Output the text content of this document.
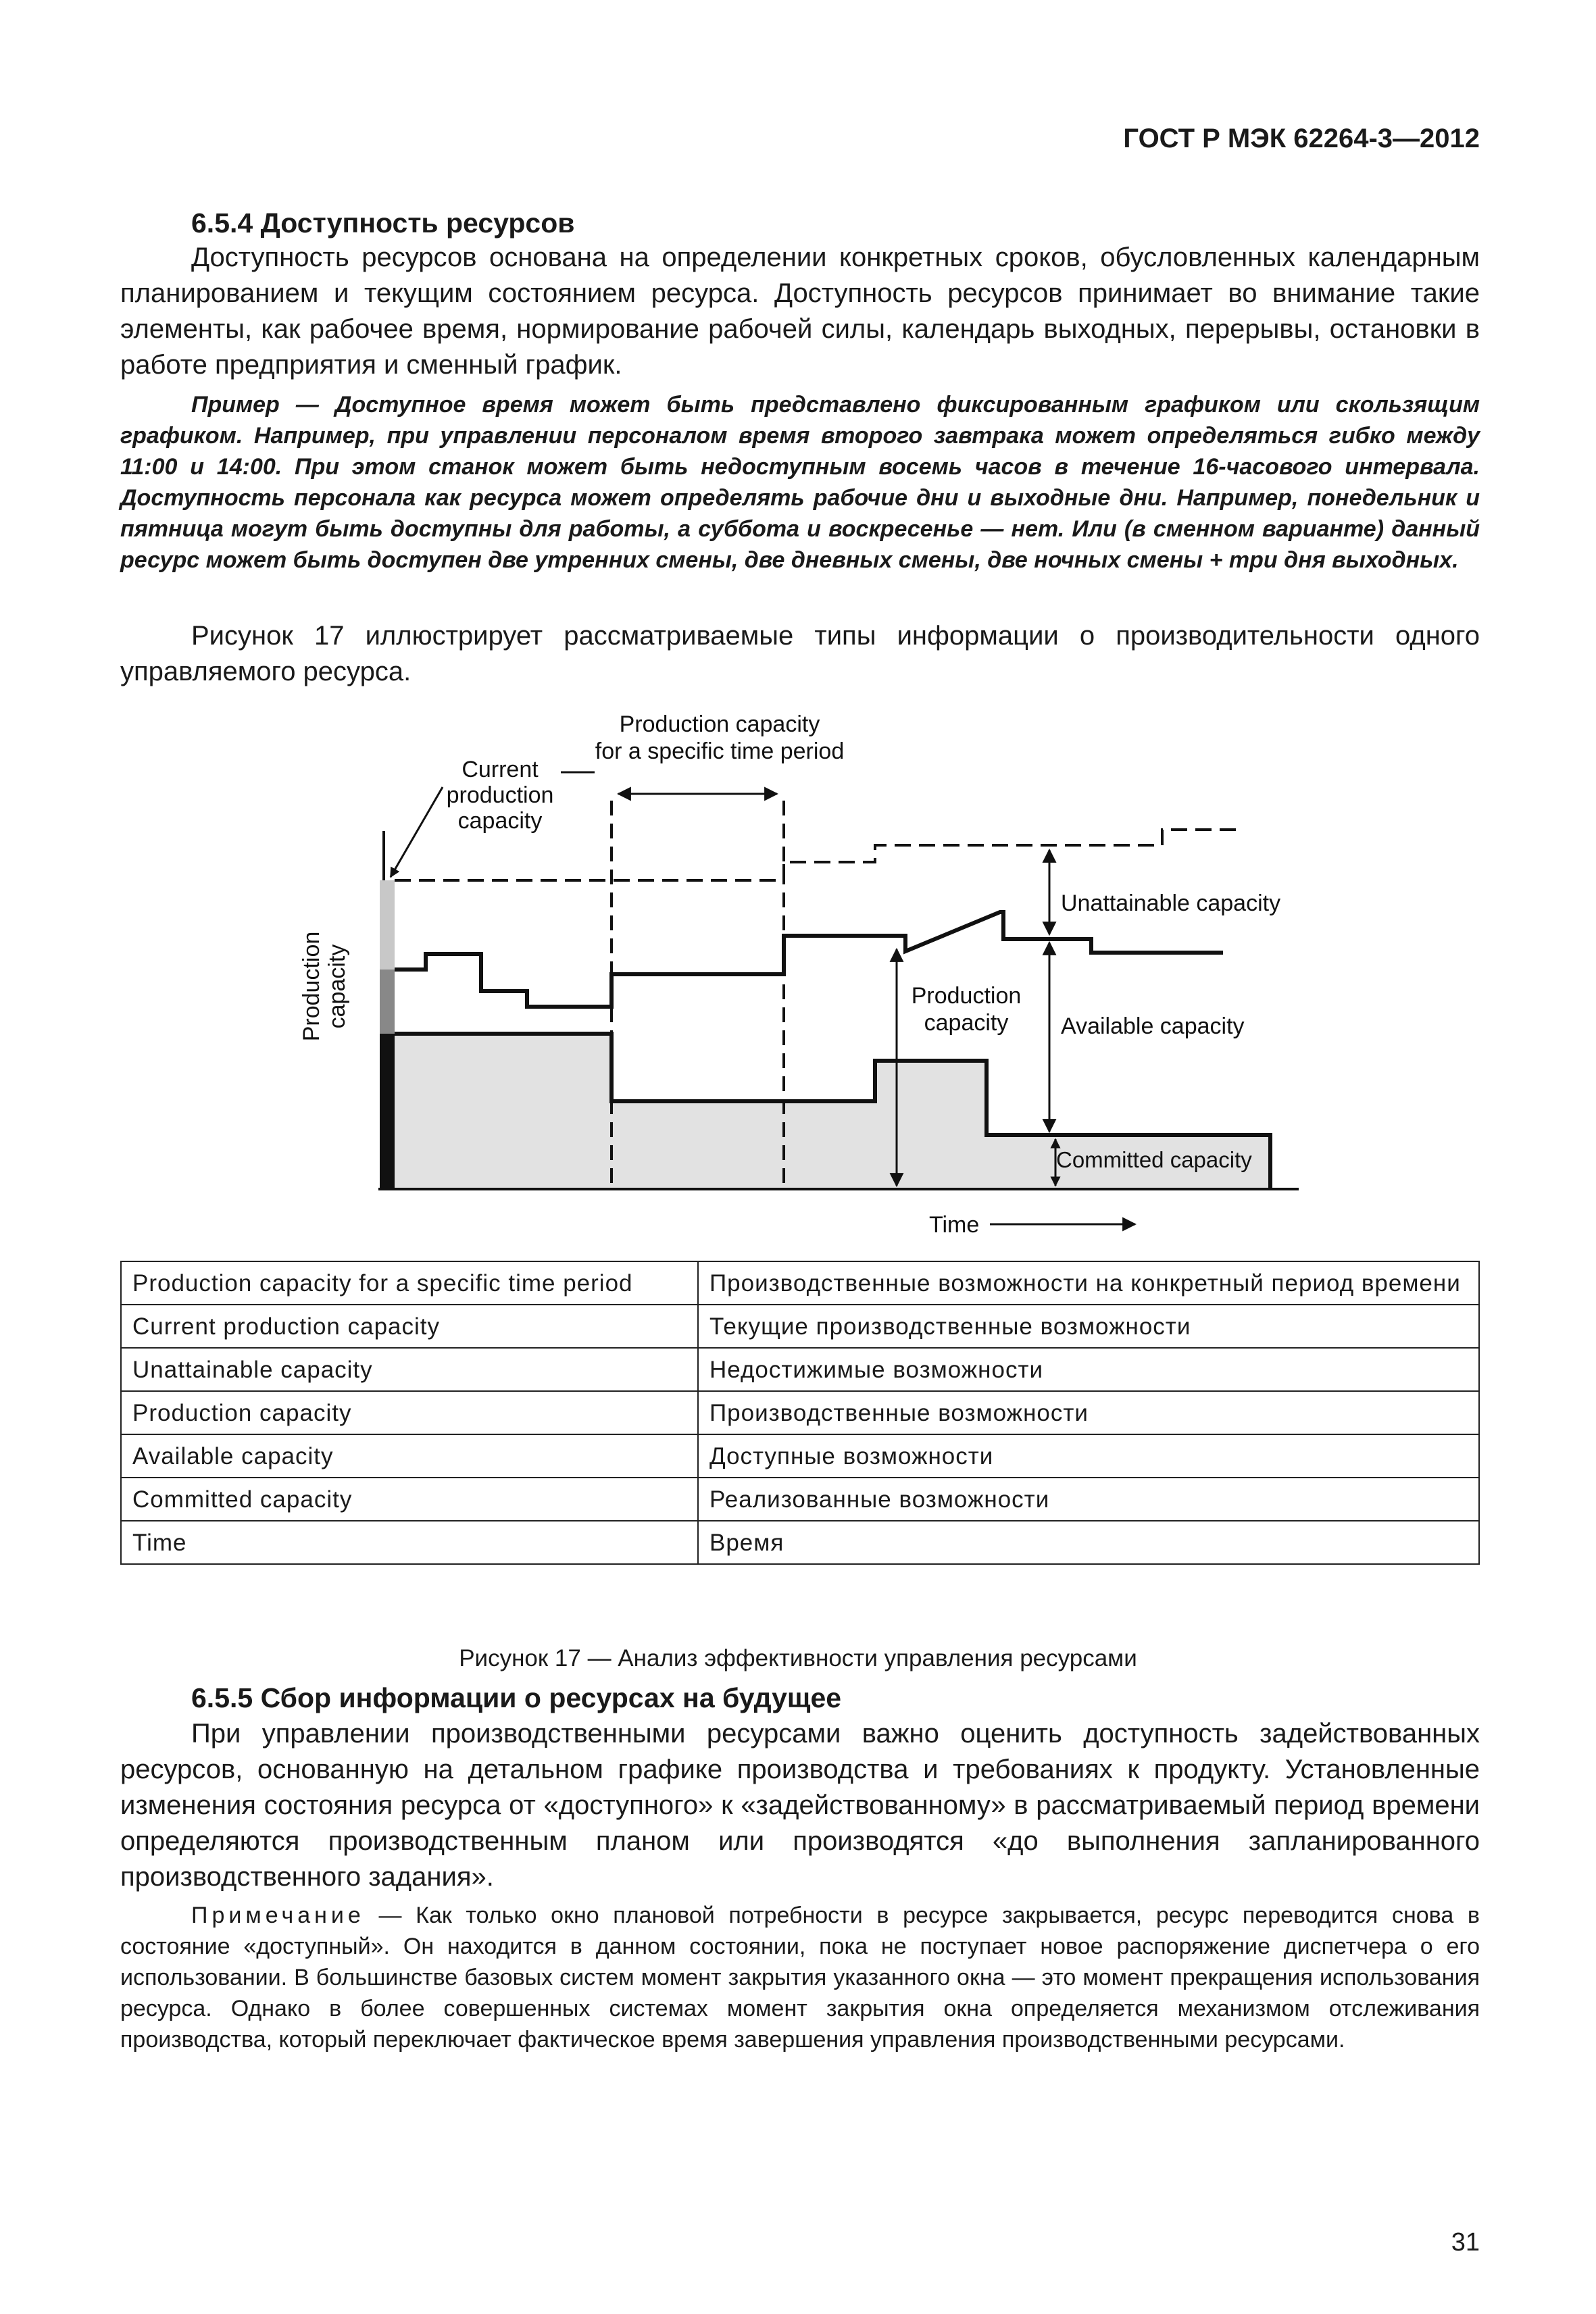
ГОСТ Р МЭК 62264-3—2012
6.5.4 Доступность ресурсов
Доступность ресурсов основана на определении конкретных сроков, обусловленных календарным планированием и текущим состоянием ресурса. Доступность ресурсов принимает во внимание такие элементы, как рабочее время, нормирование рабочей силы, календарь выходных, перерывы, остановки в работе предприятия и сменный график.
Пример — Доступное время может быть представлено фиксированным графиком или скользящим графиком. Например, при управлении персоналом время второго завтрака может определяться гибко между 11:00 и 14:00. При этом станок может быть недоступным восемь часов в течение 16-часового интервала. Доступность персонала как ресурса может определять рабочие дни и выходные дни. Например, понедельник и пятница могут быть доступны для работы, а суббота и воскресенье — нет. Или (в сменном варианте) данный ресурс может быть доступен две утренних смены, две дневных смены, две ночных смены + три дня выходных.
Рисунок 17 иллюстрирует рассматриваемые типы информации о производительности одного управляемого ресурса.
Production capacity
for a specific time period
Current
production
capacity
Production capacity
Unattainable capacity
Production
capacity Available capacity
Committed capacity
Time
Production capacity for a specific time period	Производственные возможности на конкретный период времени
Current production capacity	Текущие производственные возможности
Unattainable capacity	Недостижимые возможности
Production capacity	Производственные возможности
Available capacity	Доступные возможности
Committed capacity	Реализованные возможности
Time	Время
Рисунок 17 — Анализ эффективности управления ресурсами
6.5.5 Сбор информации о ресурсах на будущее
При управлении производственными ресурсами важно оценить доступность задействованных ресурсов, основанную на детальном графике производства и требованиях к продукту. Установленные изменения состояния ресурса от «доступного» к «задействованному» в рассматриваемый период времени определяются производственным планом или производятся «до выполнения запланированного производственного задания».
Примечание — Как только окно плановой потребности в ресурсе закрывается, ресурс переводится снова в состояние «доступный». Он находится в данном состоянии, пока не поступает новое распоряжение диспетчера о его использовании. В большинстве базовых систем момент закрытия указанного окна — это момент прекращения использования ресурса. Однако в более совершенных системах момент закрытия окна определяется механизмом отслеживания производства, который переключает фактическое время завершения управления производственными ресурсами.
31
